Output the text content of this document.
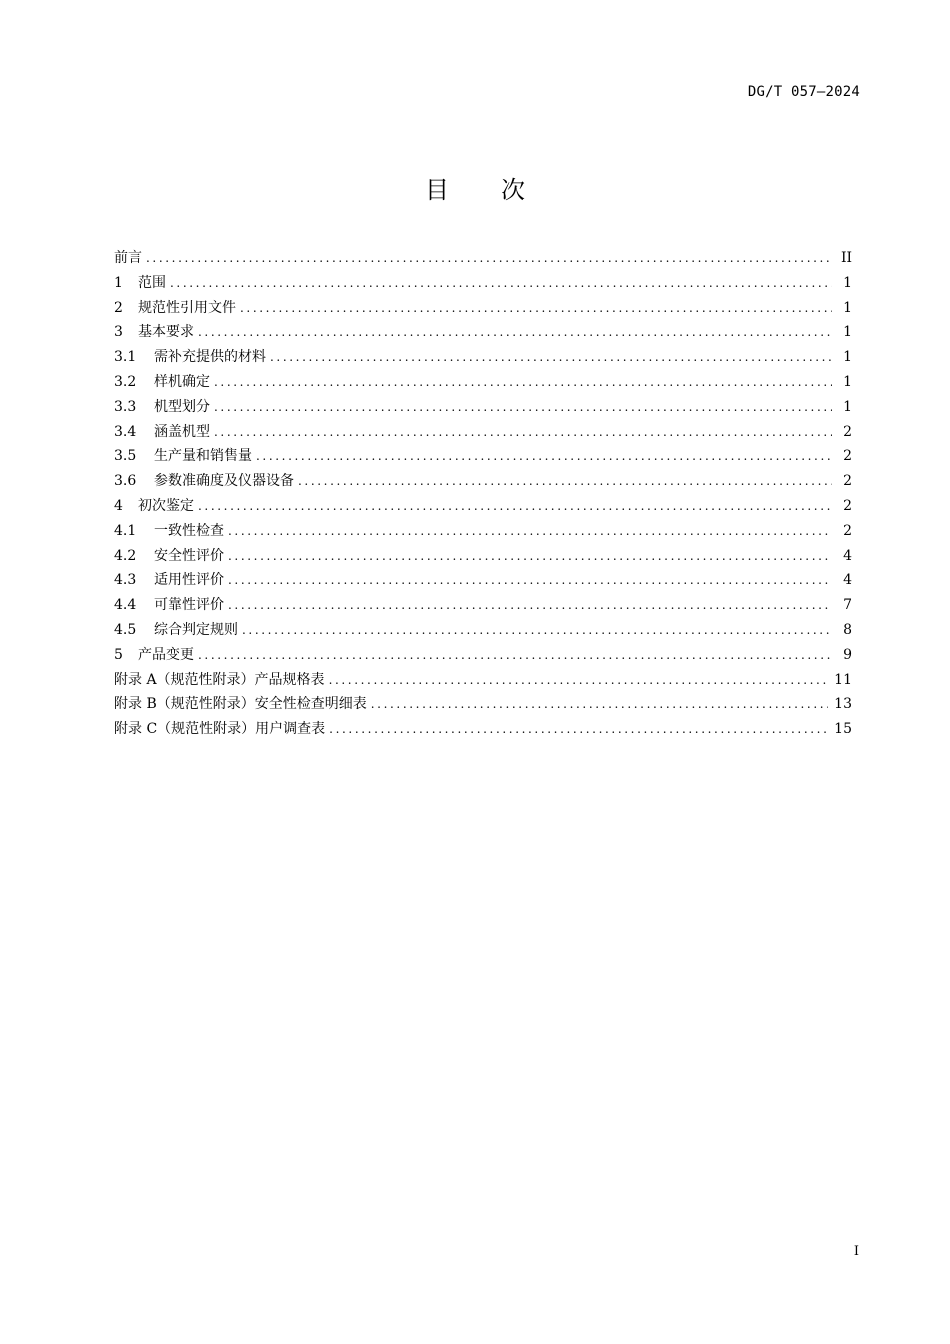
DG/T 057—2024
目 次
前言 .....	II
1 范围 .....	1
2 规范性引用文件 .....	1
3 基本要求 .....	1
3.1 需补充提供的材料 .....	1
3.2 样机确定 .....	1
3.3 机型划分 .....	1
3.4 涵盖机型 .....	2
3.5 生产量和销售量 .....	2
3.6 参数准确度及仪器设备 .....	2
4 初次鉴定 .....	2
4.1 一致性检查 .....	2
4.2 安全性评价 .....	4
4.3 适用性评价 .....	4
4.4 可靠性评价 .....	7
4.5 综合判定规则 .....	8
5 产品变更 .....	9
附录 A（规范性附录）产品规格表 .....	11
附录 B（规范性附录）安全性检查明细表 .....	13
附录 C（规范性附录）用户调查表 .....	15
I
